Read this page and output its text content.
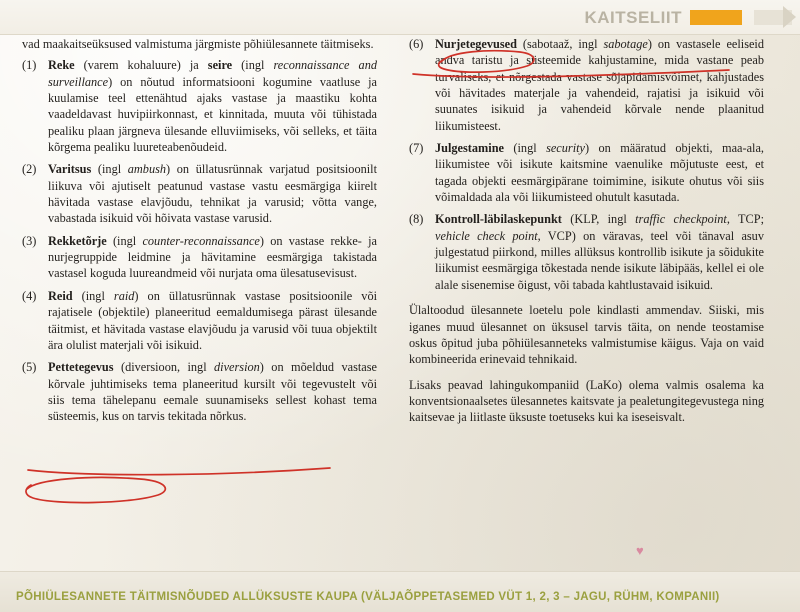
KAITSELIIT

vad maakaitseüksused valmistuma järgmiste põhiülesannete täitmiseks.

(1) Reke (varem kohaluure) ja seire (ingl reconnaissance and surveillance) on nõutud informatsiooni kogumine vaatluse ja kuulamise teel ettenähtud ajaks vastase ja maastiku kohta vaadeldavast huvipiirkonnast, et kinnitada, muuta või tühistada pealiku plaan järgneva ülesande elluviimiseks, või selleks, et täita kõrgema pealiku luureteabenõudeid.
(2) Varitsus (ingl ambush) on üllatusrünnak varjatud positsioonilt liikuva või ajutiselt peatunud vastase vastu eesmärgiga kiirelt hävitada vastase elavjõudu, tehnikat ja varusid; võtta vange, vabastada isikuid või hõivata vastase varusid.
(3) Rekketõrje (ingl counter-reconnaissance) on vastase rekke- ja nurjegruppide leidmine ja hävitamine eesmärgiga takistada vastasel koguda luureandmeid või nurjata oma ülesatusevisust.
(4) Reid (ingl raid) on üllatusrünnak vastase positsioonile või rajatisele (objektile) planeeritud eemaldumisega pärast ülesande täitmist, et hävitada vastase elavjõudu ja varusid või tuua objektilt ära olulist materjali või isikuid.
(5) Pettetegevus (diversioon, ingl diversion) on mõeldud vastase kõrvale juhtimiseks tema planeeritud kursilt või tegevustelt või siis tema tähelepanu eemale suunamiseks sellest kohast tema süsteemis, kus on tarvis tekitada nõrkus.
(6) Nurjetegevused (sabotaaž, ingl sabotage) on vastasele eeliseid andva taristu ja süsteemide kahjustamine, mida vastane peab turvaliseks, et nõrgestada vastase sõjapidamisvõimet, kahjustades või hävitades materjale ja vahendeid, rajatisi ja isikuid või suunates isikuid ja vahendeid kõrvale nende plaanitud liikumisteest.
(7) Julgestamine (ingl security) on määratud objekti, maa-ala, liikumistee või isikute kaitsmine vaenulike mõjutuste eest, et tagada objekti eesmärgipärane toimimine, isikute ohutus või siis võimaldada ala või liikumisteed ohutult kasutada.
(8) Kontroll-läbilaskepunkt (KLP, ingl traffic checkpoint, TCP; vehicle check point, VCP) on väravas, teel või tänaval asuv julgestatud piirkond, milles allüksus kontrollib isikute ja sõidukite liikumist eesmärgiga tõkestada nende isikute läbipääs, kellel ei ole alale sisenemise õigust, või tabada kahtlustavaid isikuid.

Ülaltoodud ülesannete loetelu pole kindlasti ammendav. Siiski, mis iganes muud ülesannet on üksusel tarvis täita, on nende teostamise oskus õpitud juba põhiülesanneteks valmistumise käigus. Vaja on vaid kombineerida erinevaid tehnikaid.

Lisaks peavad lahingukompaniid (LaKo) olema valmis osalema ka konventsionaalsetes ülesannetes kaitsvate ja pealetungitegevustega ning kaitsevae ja liitlaste üksuste toetuseks kui ka iseseisvalt.

PÕHIÜLESANNETE TÄITMISNÕUDED ALLÜKSUSTE KAUPA (VÄLJAÕPPETASEMED VÜT 1, 2, 3 – JAGU, RÜHM, KOMPANII)
♥
